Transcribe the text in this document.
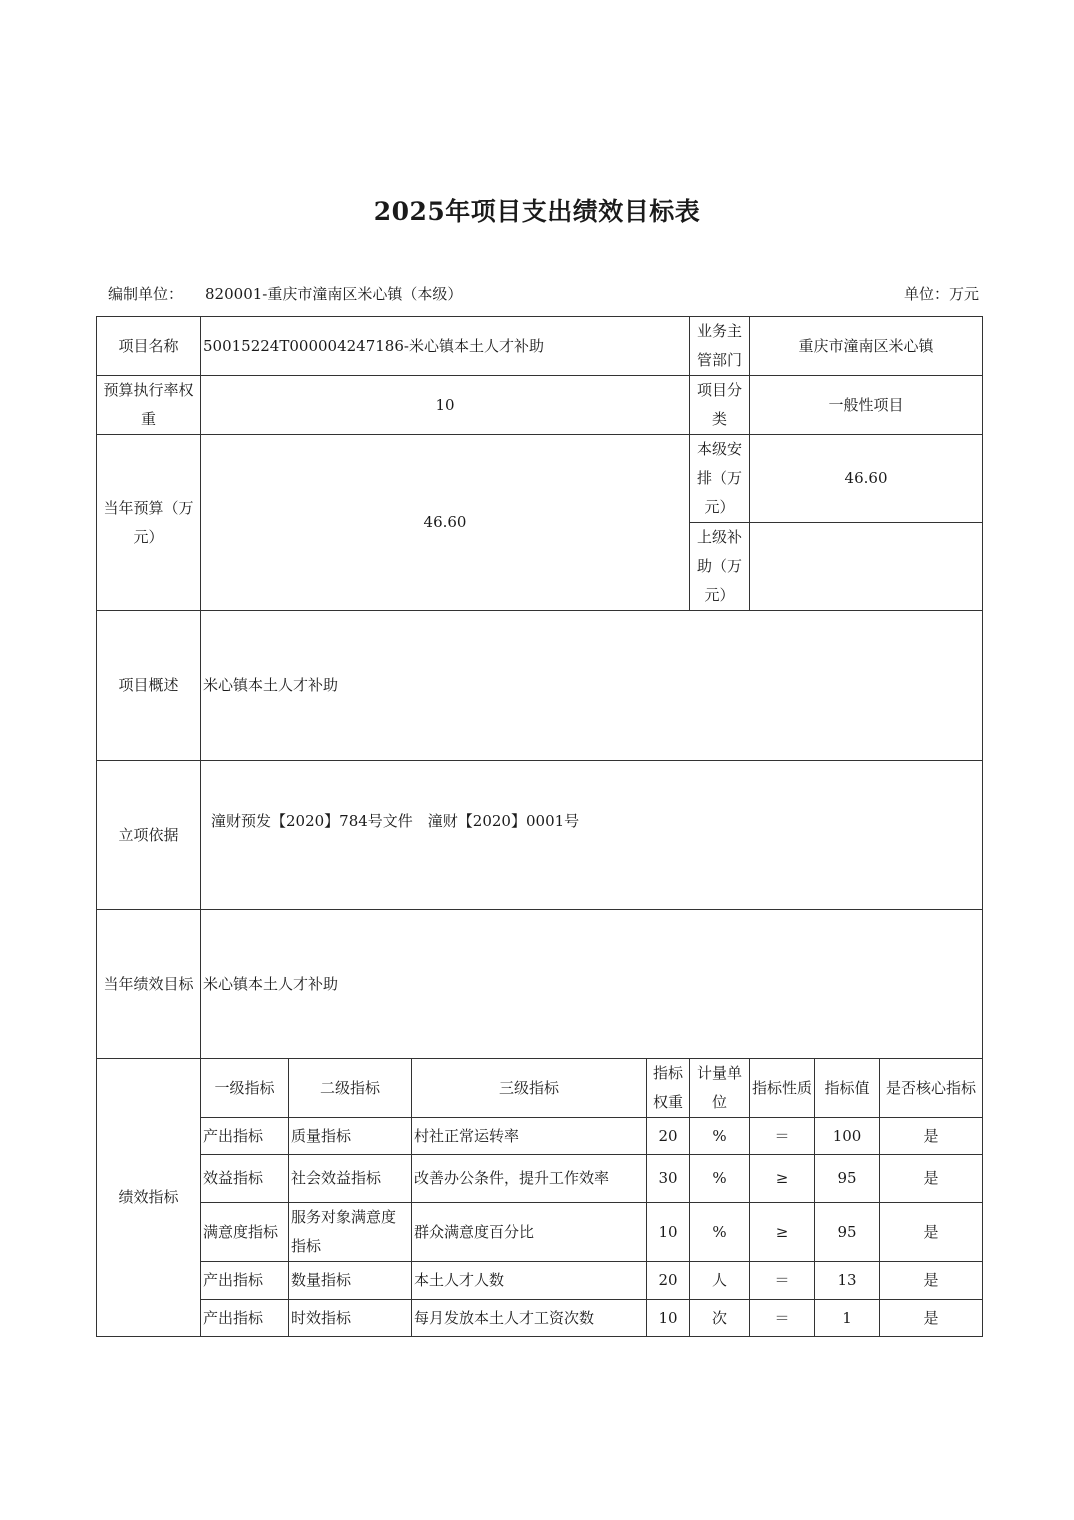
2025年项目支出绩效目标表
编制单位： 820001-重庆市潼南区米心镇（本级）	单位：万元
项目名称	50015224T000004247186-米心镇本土人才补助				业务主管部门	重庆市潼南区米心镇		
预算执行率权重	10				项目分类	一般性项目		
当年预算（万元）	46.60				本级安排（万元）	46.60		
					上级补助（万元）			
项目概述	米心镇本土人才补助							
立项依据	潼财预发【2020】784号文件　潼财【2020】0001号							
当年绩效目标	米心镇本土人才补助							
绩效指标	一级指标	二级指标	三级指标	指标权重	计量单位	指标性质	指标值	是否核心指标
	产出指标	质量指标	村社正常运转率	20	%	＝	100	是
	效益指标	社会效益指标	改善办公条件，提升工作效率	30	%	≥	95	是
	满意度指标	服务对象满意度指标	群众满意度百分比	10	%	≥	95	是
	产出指标	数量指标	本土人才人数	20	人	＝	13	是
	产出指标	时效指标	每月发放本土人才工资次数	10	次	＝	1	是
